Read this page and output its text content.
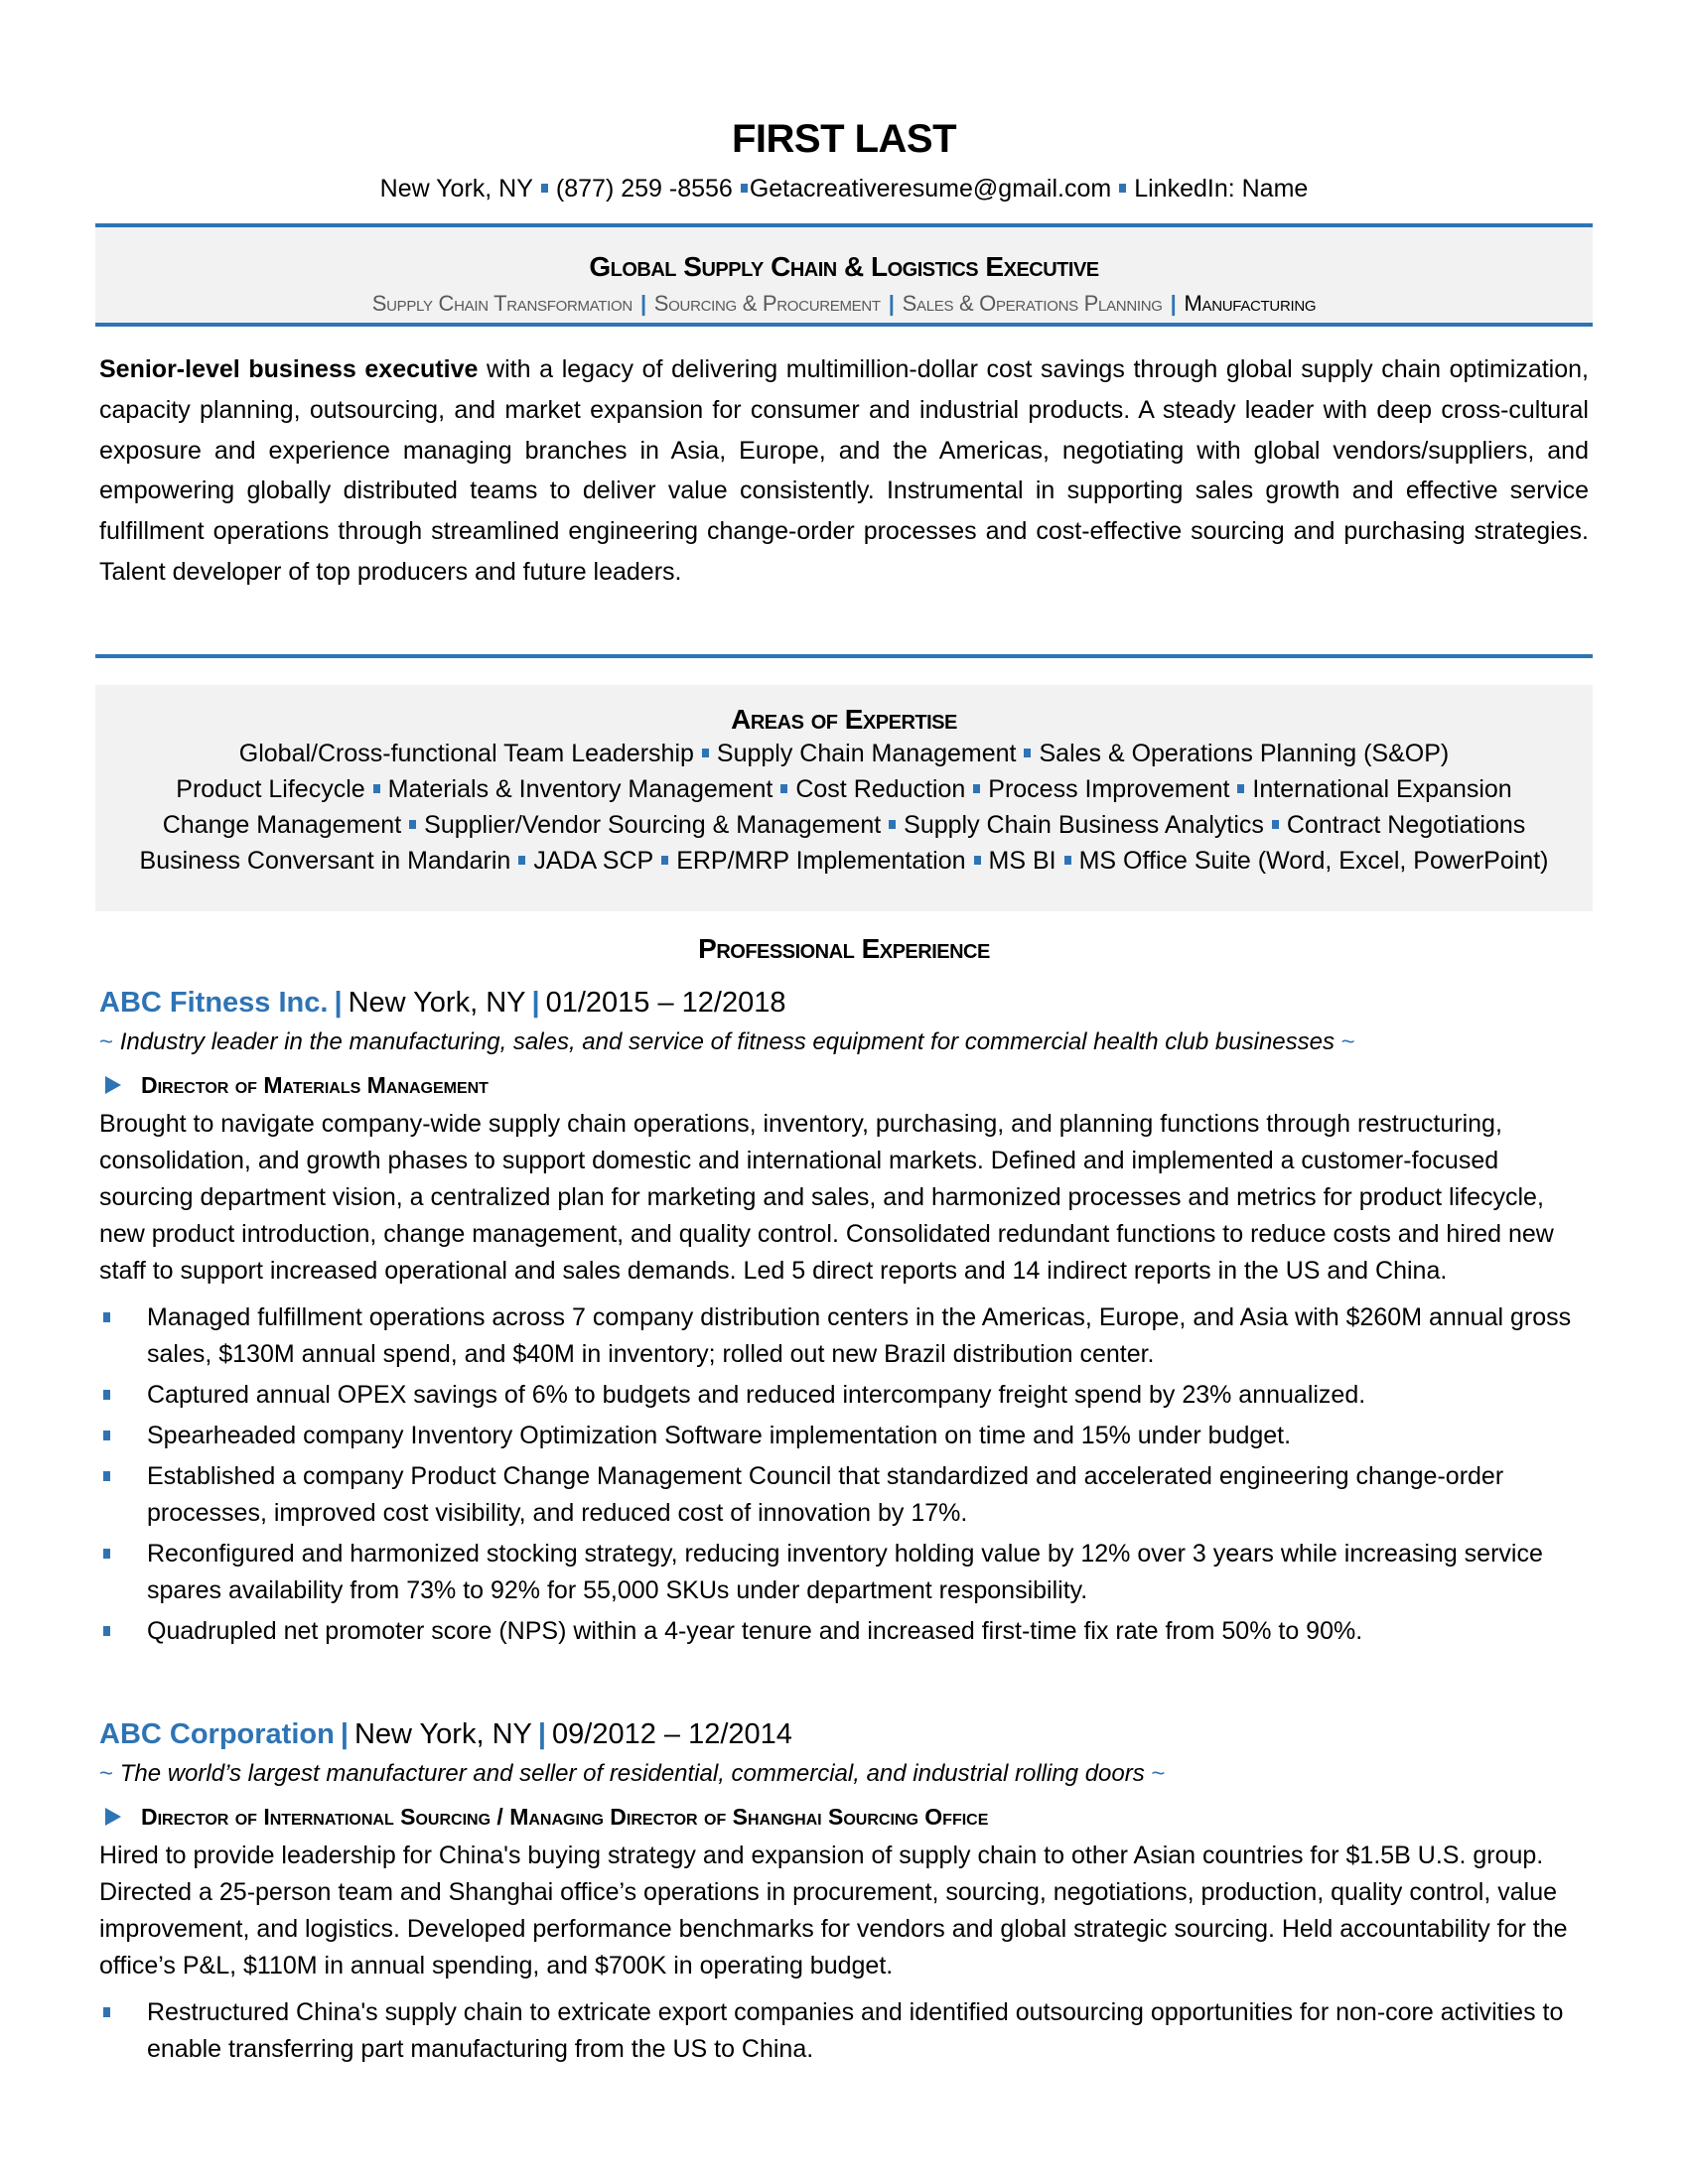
FIRST LAST
New York, NY (877) 259 -8556 Getacreativeresume@gmail.com LinkedIn: Name
Global Supply Chain & Logistics Executive
Supply Chain Transformation | Sourcing & Procurement | Sales & Operations Planning | Manufacturing
Senior-level business executive with a legacy of delivering multimillion-dollar cost savings through global supply chain optimization, capacity planning, outsourcing, and market expansion for consumer and industrial products. A steady leader with deep cross-cultural exposure and experience managing branches in Asia, Europe, and the Americas, negotiating with global vendors/suppliers, and empowering globally distributed teams to deliver value consistently. Instrumental in supporting sales growth and effective service fulfillment operations through streamlined engineering change-order processes and cost-effective sourcing and purchasing strategies. Talent developer of top producers and future leaders.
Areas of Expertise
Global/Cross-functional Team Leadership Supply Chain Management Sales & Operations Planning (S&OP)
Product Lifecycle Materials & Inventory Management Cost Reduction Process Improvement International Expansion
Change Management Supplier/Vendor Sourcing & Management Supply Chain Business Analytics Contract Negotiations
Business Conversant in Mandarin JADA SCP ERP/MRP Implementation MS BI MS Office Suite (Word, Excel, PowerPoint)
Professional Experience
ABC Fitness Inc. | New York, NY | 01/2015 – 12/2018
~ Industry leader in the manufacturing, sales, and service of fitness equipment for commercial health club businesses ~
Director of Materials Management
Brought to navigate company-wide supply chain operations, inventory, purchasing, and planning functions through restructuring, consolidation, and growth phases to support domestic and international markets. Defined and implemented a customer-focused sourcing department vision, a centralized plan for marketing and sales, and harmonized processes and metrics for product lifecycle, new product introduction, change management, and quality control. Consolidated redundant functions to reduce costs and hired new staff to support increased operational and sales demands. Led 5 direct reports and 14 indirect reports in the US and China.
Managed fulfillment operations across 7 company distribution centers in the Americas, Europe, and Asia with $260M annual gross sales, $130M annual spend, and $40M in inventory; rolled out new Brazil distribution center.
Captured annual OPEX savings of 6% to budgets and reduced intercompany freight spend by 23% annualized.
Spearheaded company Inventory Optimization Software implementation on time and 15% under budget.
Established a company Product Change Management Council that standardized and accelerated engineering change-order processes, improved cost visibility, and reduced cost of innovation by 17%.
Reconfigured and harmonized stocking strategy, reducing inventory holding value by 12% over 3 years while increasing service spares availability from 73% to 92% for 55,000 SKUs under department responsibility.
Quadrupled net promoter score (NPS) within a 4-year tenure and increased first-time fix rate from 50% to 90%.
ABC Corporation | New York, NY | 09/2012 – 12/2014
~ The world’s largest manufacturer and seller of residential, commercial, and industrial rolling doors ~
Director of International Sourcing / Managing Director of Shanghai Sourcing Office
Hired to provide leadership for China's buying strategy and expansion of supply chain to other Asian countries for $1.5B U.S. group. Directed a 25-person team and Shanghai office’s operations in procurement, sourcing, negotiations, production, quality control, value improvement, and logistics. Developed performance benchmarks for vendors and global strategic sourcing. Held accountability for the office’s P&L, $110M in annual spending, and $700K in operating budget.
Restructured China's supply chain to extricate export companies and identified outsourcing opportunities for non-core activities to enable transferring part manufacturing from the US to China.
